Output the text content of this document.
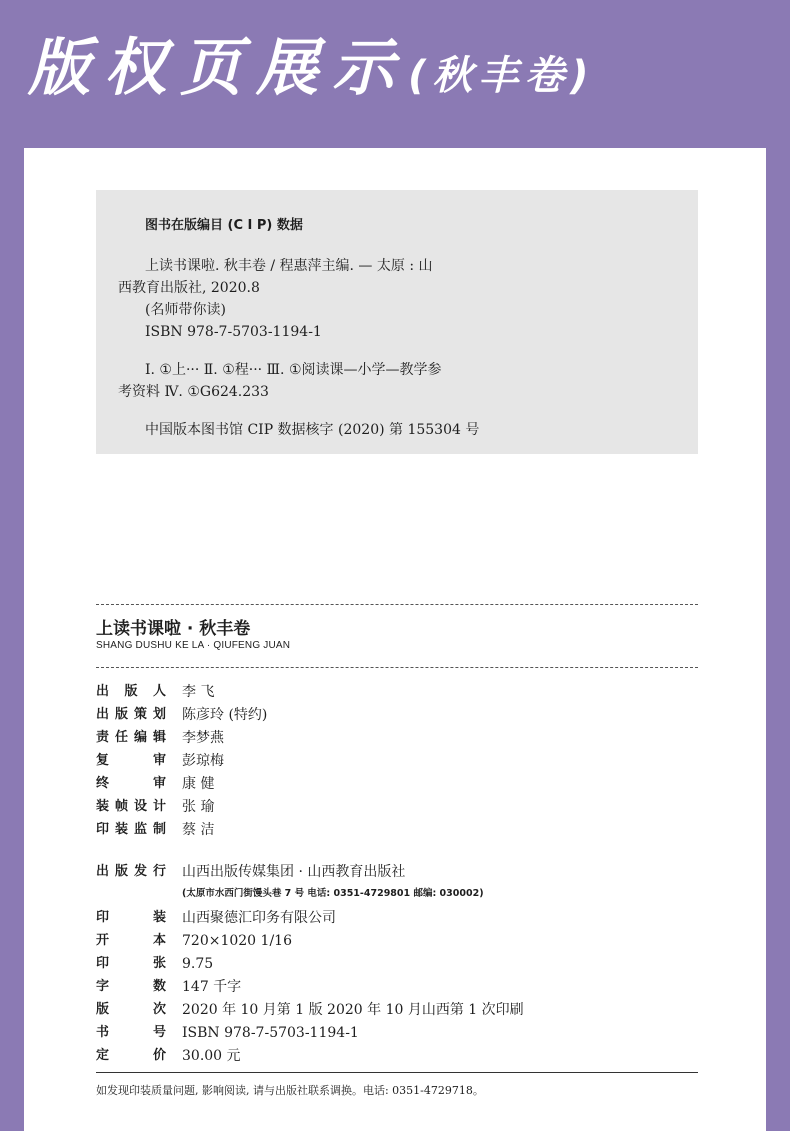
版权页展示(秋丰卷)
图书在版编目 (C I P) 数据
上读书课啦. 秋丰卷 / 程惠萍主编. — 太原 : 山
西教育出版社, 2020.8
(名师带你读)
ISBN 978-7-5703-1194-1
Ⅰ. ①上··· Ⅱ. ①程··· Ⅲ. ①阅读课—小学—教学参
考资料 Ⅳ. ①G624.233
中国版本图书馆 CIP 数据核字 (2020) 第 155304 号
上读书课啦 · 秋丰卷
SHANG DUSHU KE LA · QIUFENG JUAN
出版人 李 飞
出版策划 陈彦玲 (特约)
责任编辑 李梦燕
复审 彭琼梅
终审 康 健
装帧设计 张 瑜
印装监制 蔡 洁
出版发行 山西出版传媒集团 · 山西教育出版社
印装 山西聚德汇印务有限公司
开本 720×1020 1/16
印张 9.75
字数 147 千字
版次 2020 年 10 月第 1 版 2020 年 10 月山西第 1 次印刷
书号 ISBN 978-7-5703-1194-1
定价 30.00 元
(太原市水西门街馒头巷 7 号 电话: 0351-4729801 邮编: 030002)
如发现印装质量问题, 影响阅读, 请与出版社联系调换。电话: 0351-4729718。
